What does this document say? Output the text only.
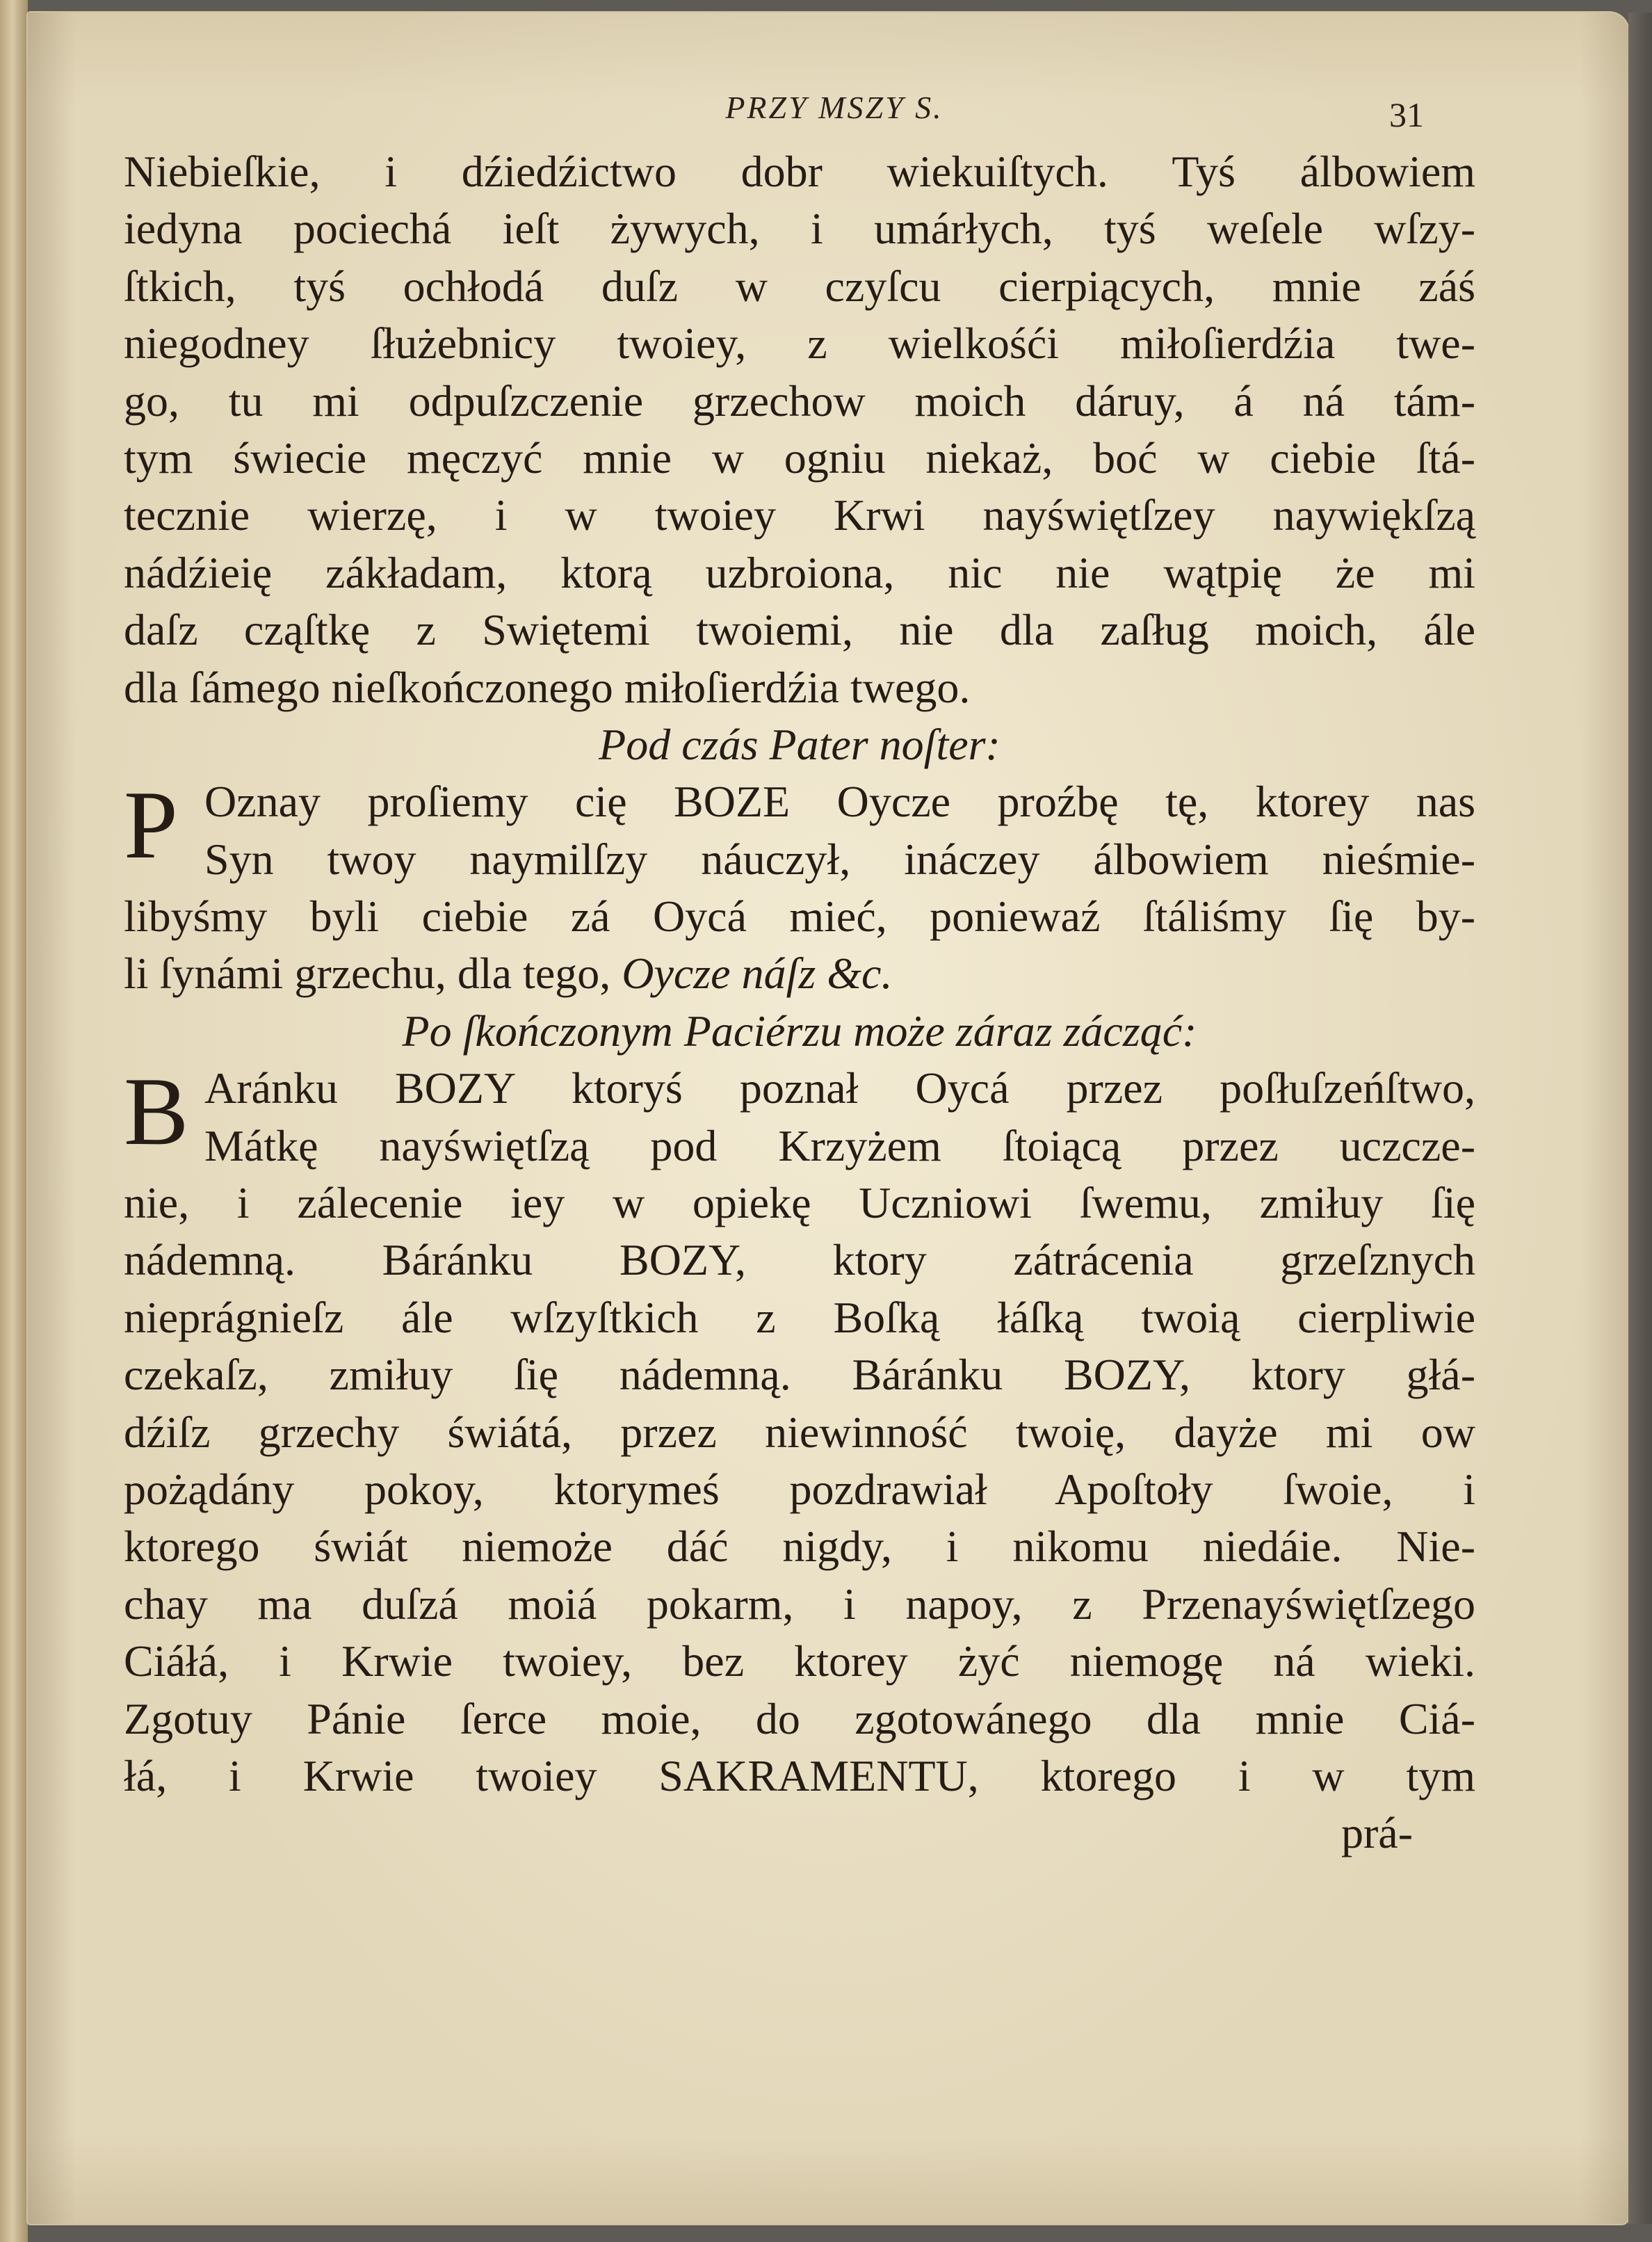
PRZY MSZY S.	31
Niebieſkie, i dźiedźictwo dobr wiekuiſtych. Tyś álbowiem
iedyna pociechá ieſt żywych, i umárłych, tyś weſele wſzy-
ſtkich, tyś ochłodá duſz w czyſcu cierpiących, mnie záś
niegodney ſłużebnicy twoiey, z wielkośći miłoſierdźia twe-
go, tu mi odpuſzczenie grzechow moich dáruy, á ná tám-
tym świecie męczyć mnie w ogniu niekaż, boć w ciebie ſtá-
tecznie wierzę, i w twoiey Krwi nayświętſzey naywiękſzą
nádźieię zákładam, ktorą uzbroiona, nic nie wątpię że mi
daſz cząſtkę z Swiętemi twoiemi, nie dla zaſług moich, ále
dla ſámego nieſkończonego miłoſierdźia twego.
Pod czás Pater noſter:
P Oznay proſiemy cię BOZE Oycze proźbę tę, ktorey nas
Syn twoy naymilſzy náuczył, ináczey álbowiem nieśmie-
libyśmy byli ciebie zá Oycá mieć, poniewaź ſtáliśmy ſię by-
li ſynámi grzechu, dla tego, Oycze náſz &c.
Po ſkończonym Paciérzu może záraz zácząć:
B Aránku BOZY ktoryś poznał Oycá przez poſłuſzeńſtwo,
Mátkę nayświętſzą pod Krzyżem ſtoiącą przez uczcze-
nie, i zálecenie iey w opiekę Uczniowi ſwemu, zmiłuy ſię
nádemną. Báránku BOZY, ktory zátrácenia grzeſznych
nieprágnieſz ále wſzyſtkich z Boſką łáſką twoią cierpliwie
czekaſz, zmiłuy ſię nádemną. Báránku BOZY, ktory głá-
dźiſz grzechy świátá, przez niewinność twoię, dayże mi ow
pożądány pokoy, ktorymeś pozdrawiał Apoſtoły ſwoie, i
ktorego świát niemoże dáć nigdy, i nikomu niedáie. Nie-
chay ma duſzá moiá pokarm, i napoy, z Przenayświętſzego
Ciáłá, i Krwie twoiey, bez ktorey żyć niemogę ná wieki.
Zgotuy Pánie ſerce moie, do zgotowánego dla mnie Ciá-
łá, i Krwie twoiey SAKRAMENTU, ktorego i w tym
prá-
